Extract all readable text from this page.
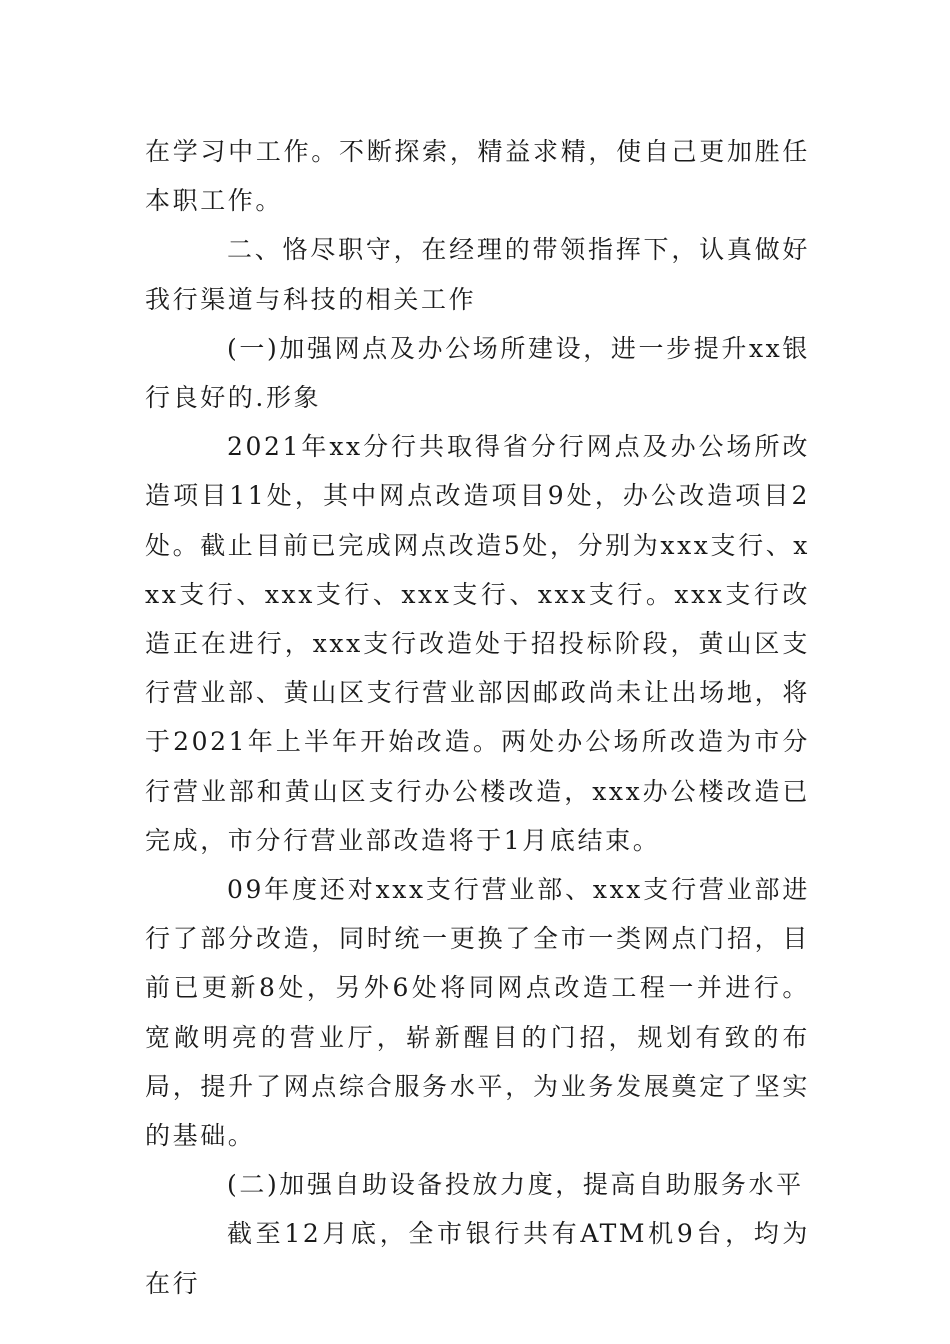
在学习中工作。不断探索，精益求精，使自己更加胜任本职工作。

二、恪尽职守，在经理的带领指挥下，认真做好我行渠道与科技的相关工作

(一)加强网点及办公场所建设，进一步提升xx银行良好的.形象

2021年xx分行共取得省分行网点及办公场所改造项目11处，其中网点改造项目9处，办公改造项目2处。截止目前已完成网点改造5处，分别为xxx支行、xxx支行、xxx支行、xxx支行、xxx支行。xxx支行改造正在进行，xxx支行改造处于招投标阶段，黄山区支行营业部、黄山区支行营业部因邮政尚未让出场地，将于2021年上半年开始改造。两处办公场所改造为市分行营业部和黄山区支行办公楼改造，xxx办公楼改造已完成，市分行营业部改造将于1月底结束。

09年度还对xxx支行营业部、xxx支行营业部进行了部分改造，同时统一更换了全市一类网点门招，目前已更新8处，另外6处将同网点改造工程一并进行。宽敞明亮的营业厅，崭新醒目的门招，规划有致的布局，提升了网点综合服务水平，为业务发展奠定了坚实的基础。

(二)加强自助设备投放力度，提高自助服务水平

截至12月底，全市银行共有ATM机9台，均为在行
